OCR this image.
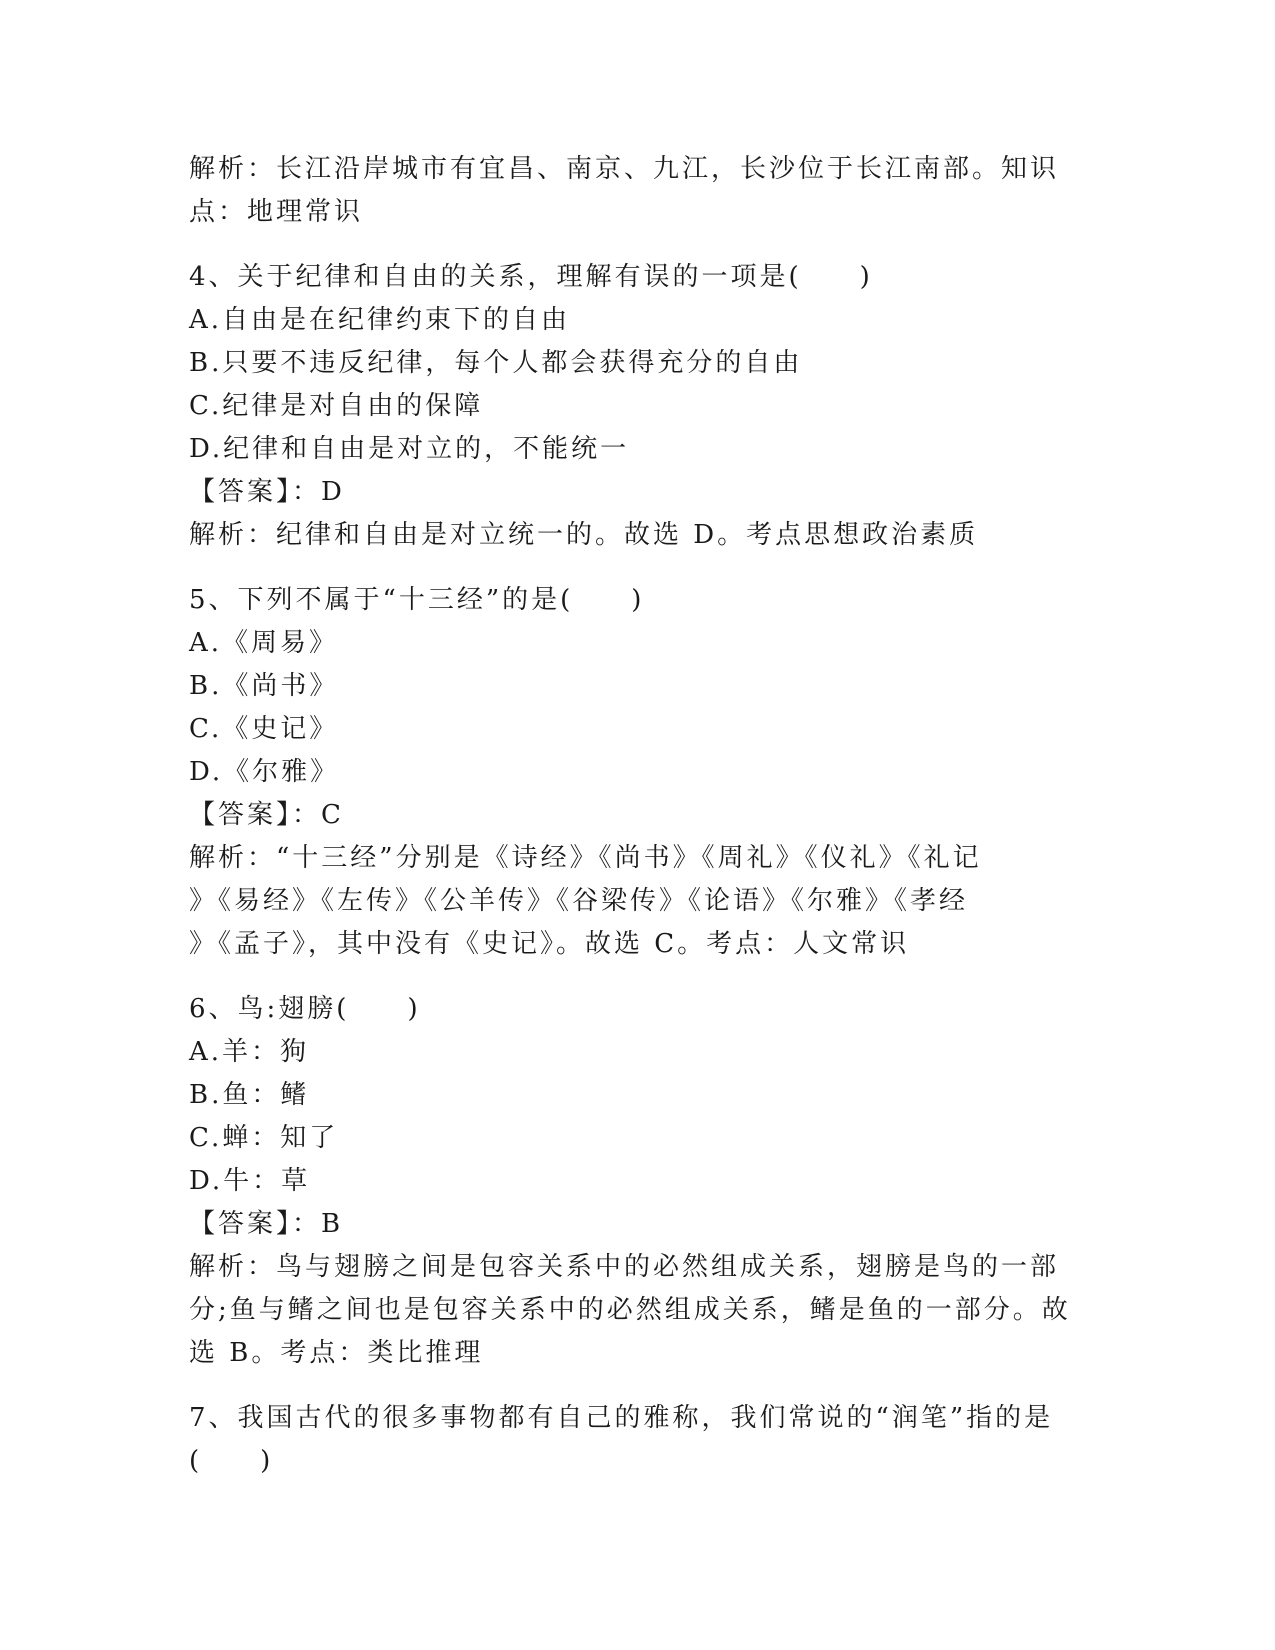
解析：长江沿岸城市有宜昌、南京、九江，长沙位于长江南部。知识
点：地理常识
4、关于纪律和自由的关系，理解有误的一项是(　　)
A.自由是在纪律约束下的自由
B.只要不违反纪律，每个人都会获得充分的自由
C.纪律是对自由的保障
D.纪律和自由是对立的，不能统一
【答案】：D
解析：纪律和自由是对立统一的。故选 D。考点思想政治素质
5、下列不属于“十三经”的是(　　)
A.《周易》
B.《尚书》
C.《史记》
D.《尔雅》
【答案】：C
解析：“十三经”分别是《诗经》《尚书》《周礼》《仪礼》《礼记
》《易经》《左传》《公羊传》《谷梁传》《论语》《尔雅》《孝经
》《孟子》，其中没有《史记》。故选 C。考点：人文常识
6、鸟:翅膀(　　)
A.羊：狗
B.鱼：鳍
C.蝉：知了
D.牛：草
【答案】：B
解析：鸟与翅膀之间是包容关系中的必然组成关系，翅膀是鸟的一部
分;鱼与鳍之间也是包容关系中的必然组成关系，鳍是鱼的一部分。故
选 B。考点：类比推理
7、我国古代的很多事物都有自己的雅称，我们常说的“润笔”指的是
(　　)
